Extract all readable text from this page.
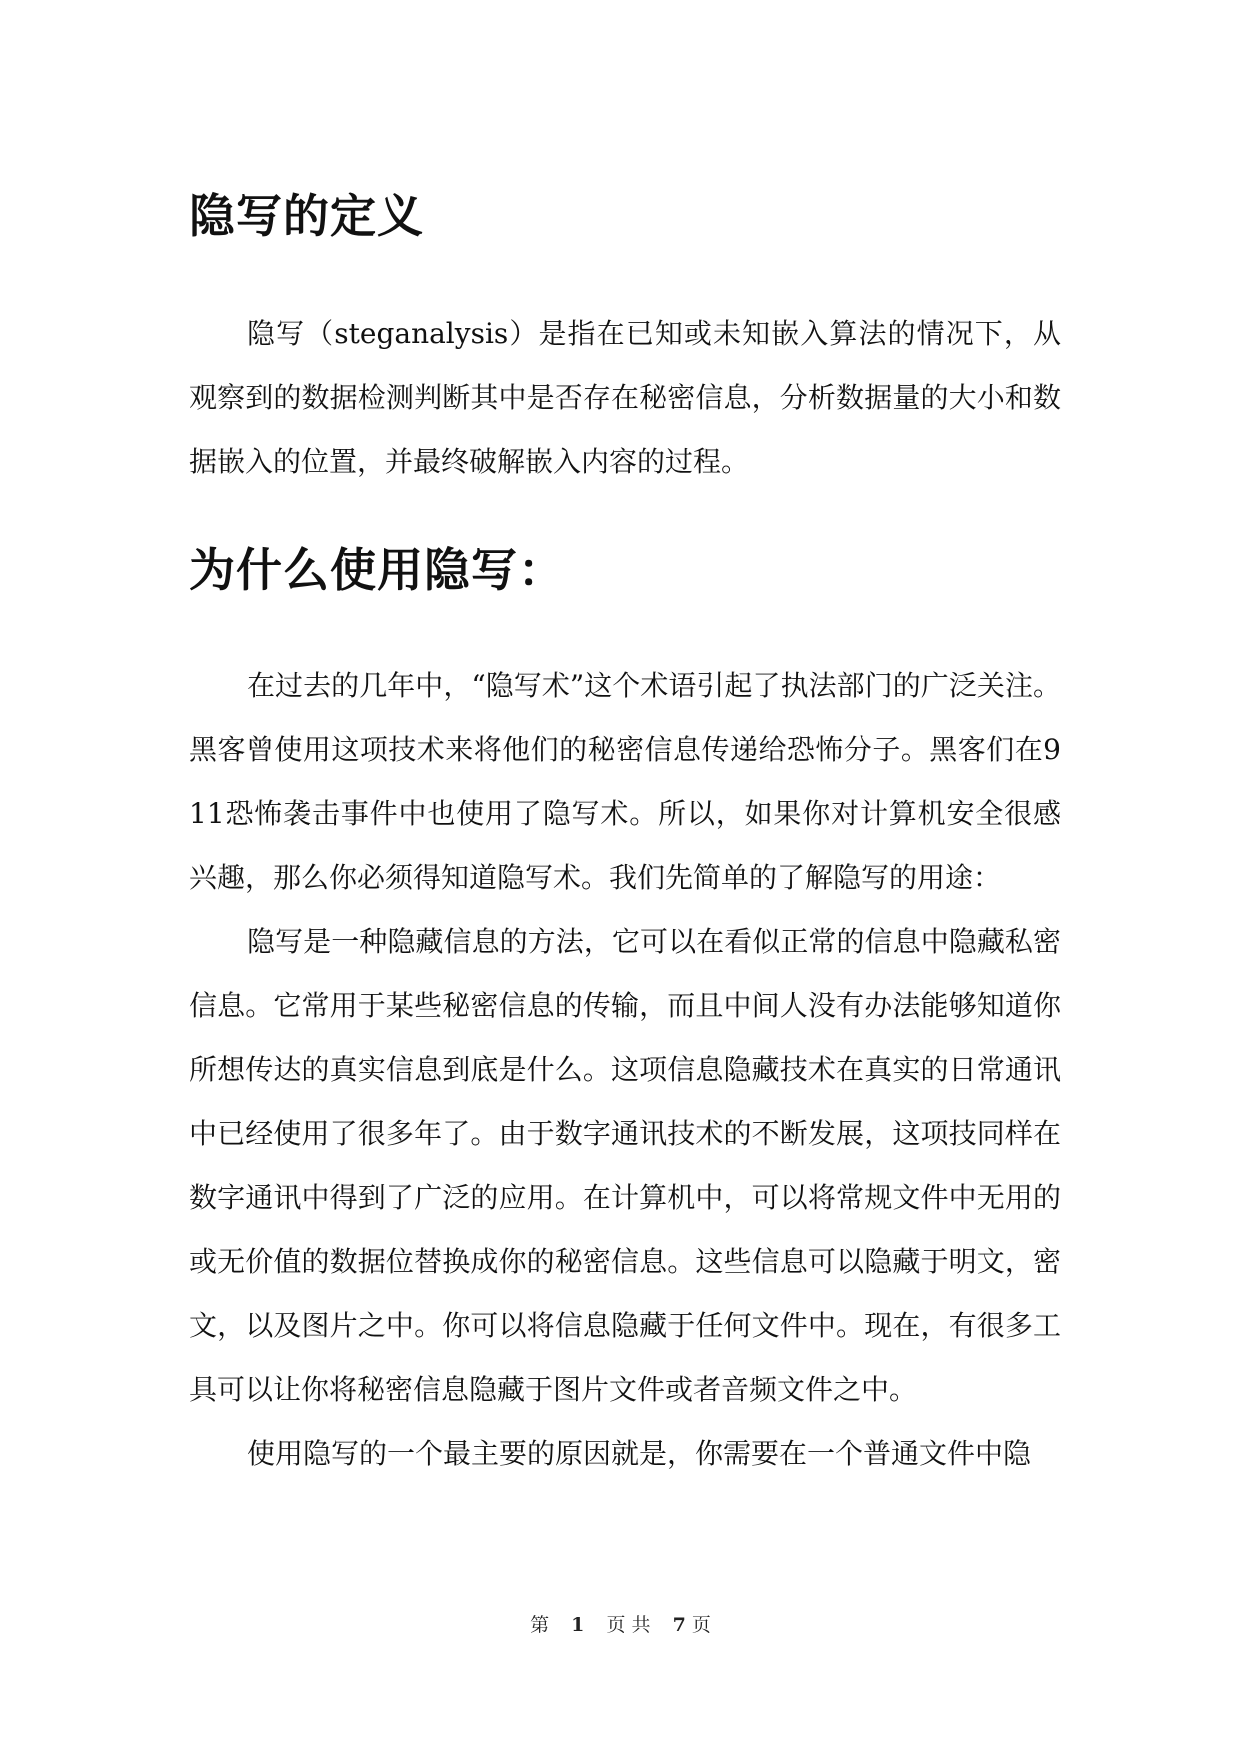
隐写的定义

隐写（steganalysis）是指在已知或未知嵌入算法的情况下，从观察到的数据检测判断其中是否存在秘密信息，分析数据量的大小和数据嵌入的位置，并最终破解嵌入内容的过程。

为什么使用隐写：

在过去的几年中，“隐写术”这个术语引起了执法部门的广泛关注。黑客曾使用这项技术来将他们的秘密信息传递给恐怖分子。黑客们在911恐怖袭击事件中也使用了隐写术。所以，如果你对计算机安全很感兴趣，那么你必须得知道隐写术。我们先简单的了解隐写的用途：

隐写是一种隐藏信息的方法，它可以在看似正常的信息中隐藏私密信息。它常用于某些秘密信息的传输，而且中间人没有办法能够知道你所想传达的真实信息到底是什么。这项信息隐藏技术在真实的日常通讯中已经使用了很多年了。由于数字通讯技术的不断发展，这项技同样在数字通讯中得到了广泛的应用。在计算机中，可以将常规文件中无用的或无价值的数据位替换成你的秘密信息。这些信息可以隐藏于明文，密文，以及图片之中。你可以将信息隐藏于任何文件中。现在，有很多工具可以让你将秘密信息隐藏于图片文件或者音频文件之中。

使用隐写的一个最主要的原因就是，你需要在一个普通文件中隐

第 1 页 共 7 页
